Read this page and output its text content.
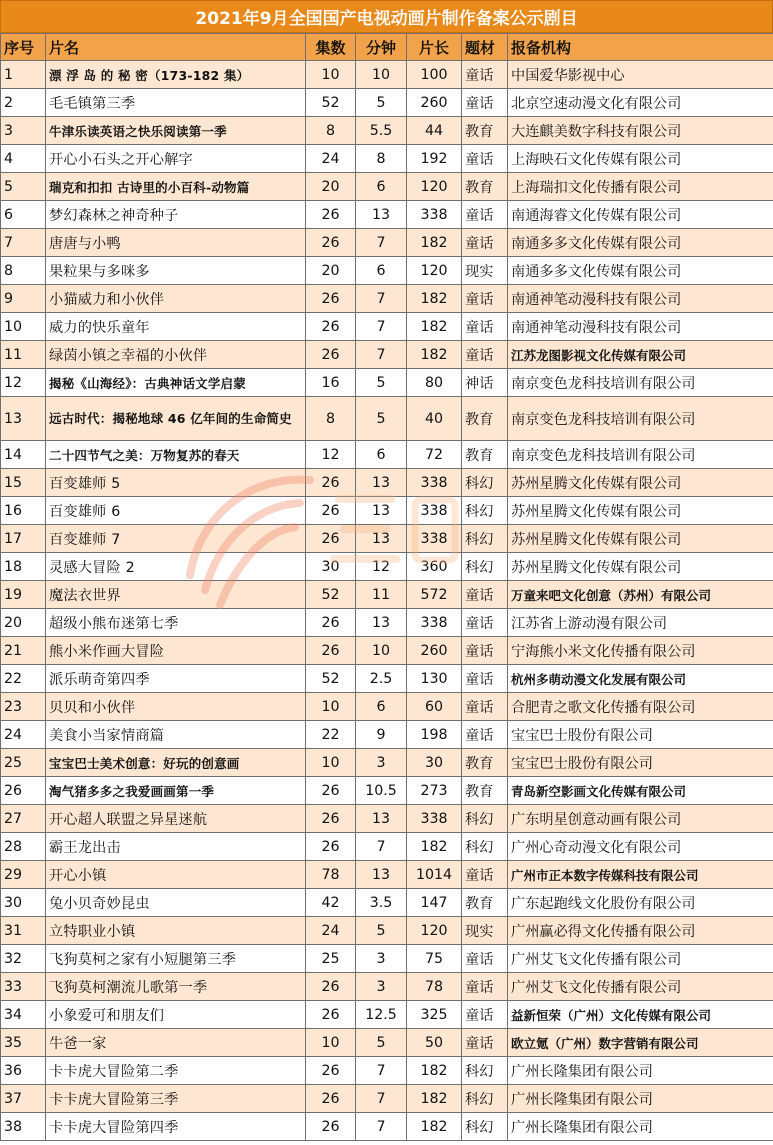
2021年9月全国国产电视动画片制作备案公示剧目
序号	片名	集数	分钟	片长	题材	报备机构
1	漂 浮 岛 的 秘 密（173-182 集）	10	10	100	童话	中国爱华影视中心
2	毛毛镇第三季	52	5	260	童话	北京空速动漫文化有限公司
3	牛津乐读英语之快乐阅读第一季	8	5.5	44	教育	大连麒美数字科技有限公司
4	开心小石头之开心解字	24	8	192	童话	上海映石文化传媒有限公司
5	瑞克和扣扣 古诗里的小百科-动物篇	20	6	120	教育	上海瑞扣文化传播有限公司
6	梦幻森林之神奇种子	26	13	338	童话	南通海睿文化传媒有限公司
7	唐唐与小鸭	26	7	182	童话	南通多多文化传媒有限公司
8	果粒果与多咪多	20	6	120	现实	南通多多文化传媒有限公司
9	小猫威力和小伙伴	26	7	182	童话	南通神笔动漫科技有限公司
10	威力的快乐童年	26	7	182	童话	南通神笔动漫科技有限公司
11	绿茵小镇之幸福的小伙伴	26	7	182	童话	江苏龙图影视文化传媒有限公司
12	揭秘《山海经》：古典神话文学启蒙	16	5	80	神话	南京变色龙科技培训有限公司
13	远古时代：揭秘地球 46 亿年间的生命简史	8	5	40	教育	南京变色龙科技培训有限公司
14	二十四节气之美：万物复苏的春天	12	6	72	教育	南京变色龙科技培训有限公司
15	百变雄师 5	26	13	338	科幻	苏州星腾文化传媒有限公司
16	百变雄师 6	26	13	338	科幻	苏州星腾文化传媒有限公司
17	百变雄师 7	26	13	338	科幻	苏州星腾文化传媒有限公司
18	灵感大冒险 2	30	12	360	科幻	苏州星腾文化传媒有限公司
19	魔法衣世界	52	11	572	童话	万童来吧文化创意（苏州）有限公司
20	超级小熊布迷第七季	26	13	338	童话	江苏省上游动漫有限公司
21	熊小米作画大冒险	26	10	260	童话	宁海熊小米文化传播有限公司
22	派乐萌奇第四季	52	2.5	130	童话	杭州多萌动漫文化发展有限公司
23	贝贝和小伙伴	10	6	60	童话	合肥青之歌文化传播有限公司
24	美食小当家情商篇	22	9	198	童话	宝宝巴士股份有限公司
25	宝宝巴士美术创意：好玩的创意画	10	3	30	教育	宝宝巴士股份有限公司
26	淘气猪多多之我爱画画第一季	26	10.5	273	教育	青岛新空影画文化传媒有限公司
27	开心超人联盟之异星迷航	26	13	338	科幻	广东明星创意动画有限公司
28	霸王龙出击	26	7	182	科幻	广州心奇动漫文化有限公司
29	开心小镇	78	13	1014	童话	广州市正本数字传媒科技有限公司
30	兔小贝奇妙昆虫	42	3.5	147	教育	广东起跑线文化股份有限公司
31	立特职业小镇	24	5	120	现实	广州赢必得文化传播有限公司
32	飞狗莫柯之家有小短腿第三季	25	3	75	童话	广州艾飞文化传播有限公司
33	飞狗莫柯潮流儿歌第一季	26	3	78	童话	广州艾飞文化传播有限公司
34	小象爱可和朋友们	26	12.5	325	童话	益新恒荣（广州）文化传媒有限公司
35	牛爸一家	10	5	50	童话	欧立氪（广州）数字营销有限公司
36	卡卡虎大冒险第二季	26	7	182	科幻	广州长隆集团有限公司
37	卡卡虎大冒险第三季	26	7	182	科幻	广州长隆集团有限公司
38	卡卡虎大冒险第四季	26	7	182	科幻	广州长隆集团有限公司
